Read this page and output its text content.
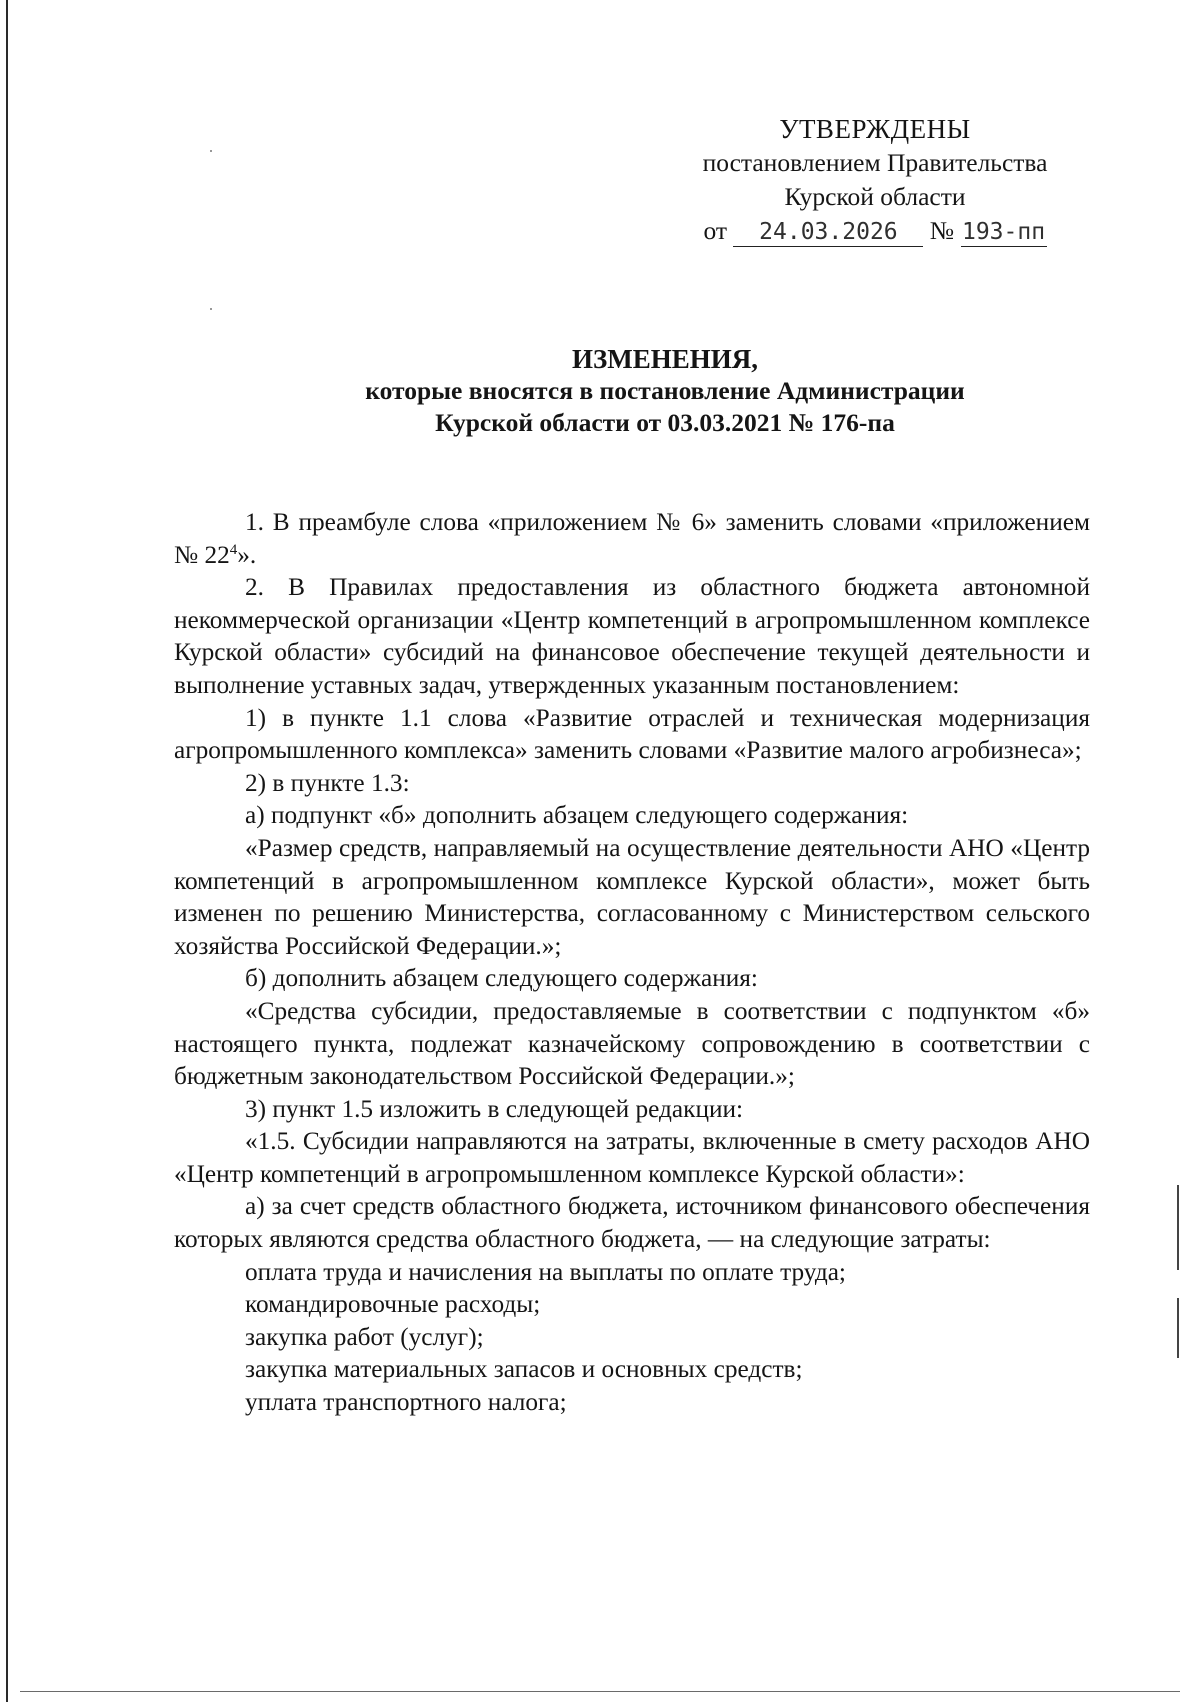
УТВЕРЖДЕНЫ
постановлением Правительства
Курской области
от 24.03.2026 № 193-пп
ИЗМЕНЕНИЯ,
которые вносятся в постановление Администрации
Курской области от 03.03.2021 № 176-па

1. В преамбуле слова «приложением № 6» заменить словами «приложением № $22^4$».

2. В Правилах предоставления из областного бюджета автономной некоммерческой организации «Центр компетенций в агропромышленном комплексе Курской области» субсидий на финансовое обеспечение текущей деятельности и выполнение уставных задач, утвержденных указанным постановлением:

1) в пункте 1.1 слова «Развитие отраслей и техническая модернизация агропромышленного комплекса» заменить словами «Развитие малого агробизнеса»;

2) в пункте 1.3:

а) подпункт «б» дополнить абзацем следующего содержания:

«Размер средств, направляемый на осуществление деятельности АНО «Центр компетенций в агропромышленном комплексе Курской области», может быть изменен по решению Министерства, согласованному с Министерством сельского хозяйства Российской Федерации.»;

б) дополнить абзацем следующего содержания:

«Средства субсидии, предоставляемые в соответствии с подпунктом «б» настоящего пункта, подлежат казначейскому сопровождению в соответствии с бюджетным законодательством Российской Федерации.»;

3) пункт 1.5 изложить в следующей редакции:

«1.5. Субсидии направляются на затраты, включенные в смету расходов АНО «Центр компетенций в агропромышленном комплексе Курской области»:

а) за счет средств областного бюджета, источником финансового обеспечения которых являются средства областного бюджета, — на следующие затраты:

оплата труда и начисления на выплаты по оплате труда;

командировочные расходы;

закупка работ (услуг);

закупка материальных запасов и основных средств;

уплата транспортного налога;
